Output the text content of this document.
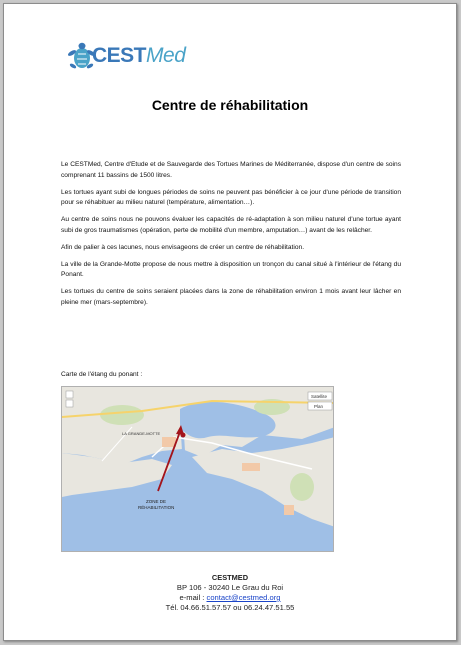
CESTMed
Centre de réhabilitation

Le CESTMed, Centre d'Etude et de Sauvegarde des Tortues Marines de Méditerranée, dispose d'un centre de soins comprenant 11 bassins de 1500 litres.

Les tortues ayant subi de longues périodes de soins ne peuvent pas bénéficier à ce jour d'une période de transition pour se réhabituer au milieu naturel (température, alimentation…).

Au centre de soins nous ne pouvons évaluer les capacités de ré-adaptation à son milieu naturel d'une tortue ayant subi de gros traumatismes (opération, perte de mobilité d'un membre, amputation…) avant de les relâcher.

Afin de palier à ces lacunes, nous envisageons de créer un centre de réhabilitation.

La ville de la Grande-Motte propose de nous mettre à disposition un tronçon du canal situé à l'intérieur de l'étang du Ponant.

Les tortues du centre de soins seraient placées dans la zone de réhabilitation environ 1 mois avant leur lâcher en pleine mer (mars-septembre).

Carte de l'étang du ponant :
LA GRANDE-MOTTE
ZONE DE
RÉHABILITATION
Satellite
Plan
CESTMED
BP 106 - 30240 Le Grau du Roi
e-mail : contact@cestmed.org
Tél. 04.66.51.57.57 ou 06.24.47.51.55
